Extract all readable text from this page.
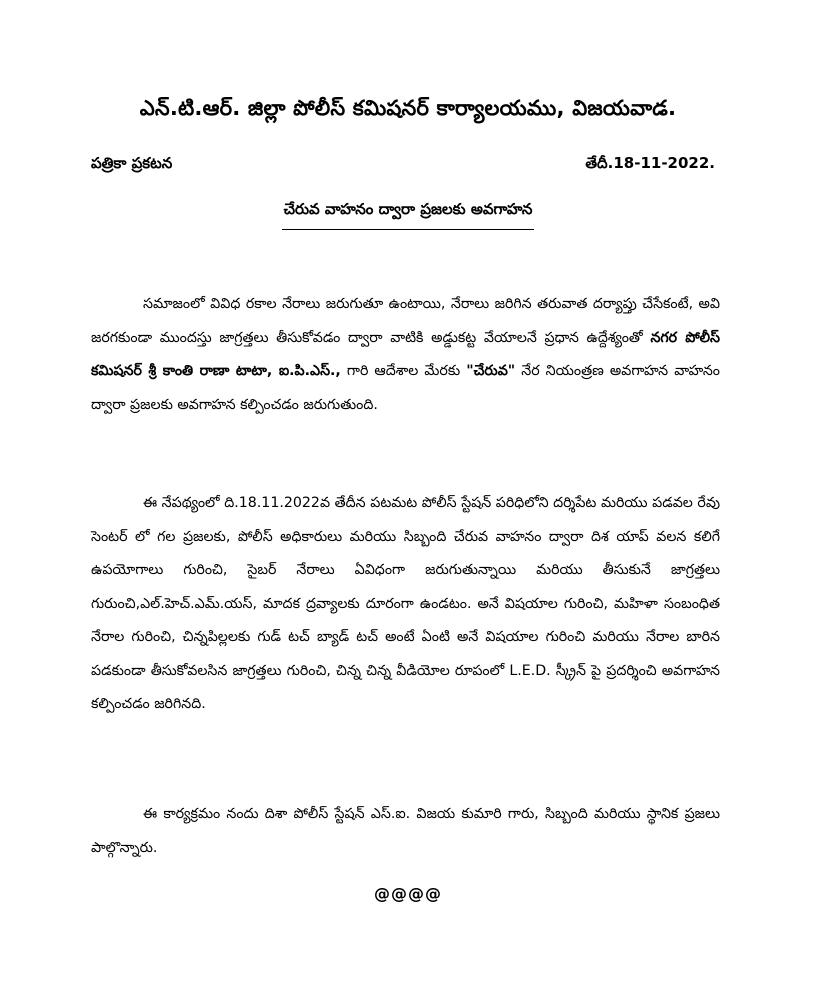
ఎన్.టి.ఆర్. జిల్లా పోలీస్ కమిషనర్ కార్యాలయము, విజయవాడ.
పత్రికా ప్రకటన	తేదీ.18-11-2022.
చేరువ వాహనం ద్వారా ప్రజలకు అవగాహన
సమాజంలో వివిధ రకాల నేరాలు జరుగుతూ ఉంటాయి, నేరాలు జరిగిన తరువాత దర్యాప్తు చేసేకంటే, అవి జరగకుండా ముందస్తు జాగ్రత్తలు తీసుకోవడం ద్వారా వాటికి అడ్డుకట్ట వేయాలనే ప్రధాన ఉద్దేశ్యంతో నగర పోలీస్ కమిషనర్ శ్రీ కాంతి రాణా టాటా, ఐ.పి.ఎస్., గారి ఆదేశాల మేరకు "చేరువ" నేర నియంత్రణ అవగాహన వాహనం ద్వారా ప్రజలకు అవగాహన కల్పించడం జరుగుతుంది.
ఈ నేపథ్యంలో ది.18.11.2022వ తేదీన పటమట పోలీస్ స్టేషన్ పరిధిలోని దర్శిపేట మరియు పడవల రేవు సెంటర్ లో గల ప్రజలకు, పోలీస్ అధికారులు మరియు సిబ్బంది చేరువ వాహనం ద్వారా దిశ యాప్ వలన కలిగే ఉపయోగాలు గురించి, సైబర్ నేరాలు ఏవిధంగా జరుగుతున్నాయి మరియు తీసుకునే జాగ్రత్తలు గురుంచి,ఎల్.హెచ్.ఎమ్.యస్, మాదక ద్రవ్యాలకు దూరంగా ఉండటం. అనే విషయాల గురించి, మహిళా సంబంధిత నేరాల గురించి, చిన్నపిల్లలకు గుడ్ టచ్ బ్యాడ్ టచ్ అంటే ఏంటి అనే విషయాల గురించి మరియు నేరాల బారిన పడకుండా తీసుకోవలసిన జాగ్రత్తలు గురించి, చిన్న చిన్న వీడియోల రూపంలో L.E.D. స్క్రీన్ పై ప్రదర్శించి అవగాహన కల్పించడం జరిగినది.
ఈ కార్యక్రమం నందు దిశా పోలీస్ స్టేషన్ ఎస్.ఐ. విజయ కుమారి గారు, సిబ్బంది మరియు స్థానిక ప్రజలు పాల్గొన్నారు.
@@@@
